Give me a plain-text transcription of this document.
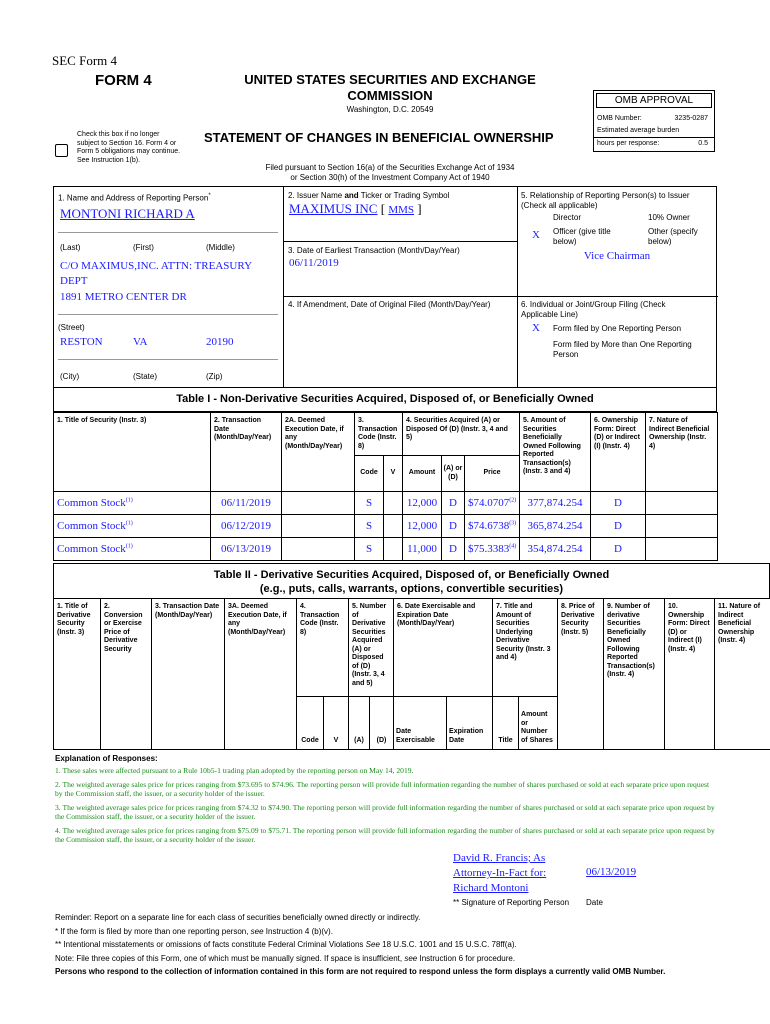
SEC Form 4
FORM 4	UNITED STATES SECURITIES AND EXCHANGE
COMMISSION
Washington, D.C. 20549
Check this box if no longer
subject to Section 16. Form 4 or
Form 5 obligations may continue.
See Instruction 1(b).
STATEMENT OF CHANGES IN BENEFICIAL OWNERSHIP
Filed pursuant to Section 16(a) of the Securities Exchange Act of 1934
or Section 30(h) of the Investment Company Act of 1940
OMB APPROVAL
OMB Number:	3235-0287
Estimated average burden
hours per response:	0.5
1. Name and Address of Reporting Person*
MONTONI RICHARD A
(Last)	(First)	(Middle)
C/O MAXIMUS,INC. ATTN: TREASURY
DEPT
1891 METRO CENTER DR
(Street)
RESTON	VA	20190
(City)	(State)	(Zip)
2. Issuer Name and Ticker or Trading Symbol
MAXIMUS INC [ MMS ]
3. Date of Earliest Transaction (Month/Day/Year)
06/11/2019
4. If Amendment, Date of Original Filed (Month/Day/Year)
5. Relationship of Reporting Person(s) to Issuer
(Check all applicable)
Director	10% Owner
X Officer (give title
below)
Other (specify
below)
Vice Chairman
6. Individual or Joint/Group Filing (Check
Applicable Line)
X Form filed by One Reporting Person
Form filed by More than One Reporting
Person
Table I - Non-Derivative Securities Acquired, Disposed of, or Beneficially Owned
1. Title of Security (Instr. 3)	2. Transaction Date (Month/Day/Year)	2A. Deemed Execution Date, if any (Month/Day/Year)	3. Transaction Code (Instr. 8)		4. Securities Acquired (A) or Disposed Of (D) (Instr. 3, 4 and 5)			5. Amount of Securities Beneficially Owned Following Reported Transaction(s) (Instr. 3 and 4)	6. Ownership Form: Direct (D) or Indirect (I) (Instr. 4)	7. Nature of Indirect Beneficial Ownership (Instr. 4)
			Code	V	Amount	(A) or (D)	Price			
Common Stock$^{(1)}$	06/11/2019		S		12,000	D	$74.0707$^{(2)}$	377,874.254	D	
Common Stock$^{(1)}$	06/12/2019		S		12,000	D	$74.6738$^{(3)}$	365,874.254	D	
Common Stock$^{(1)}$	06/13/2019		S		11,000	D	$75.3383$^{(4)}$	354,874.254	D	
Table II - Derivative Securities Acquired, Disposed of, or Beneficially Owned
(e.g., puts, calls, warrants, options, convertible securities)
1. Title of Derivative Security (Instr. 3)	2. Conversion or Exercise Price of Derivative Security	3. Transaction Date (Month/Day/Year)	3A. Deemed Execution Date, if any (Month/Day/Year)	4. Transaction Code (Instr. 8)		5. Number of Derivative Securities Acquired (A) or Disposed of (D) (Instr. 3, 4 and 5)		6. Date Exercisable and Expiration Date (Month/Day/Year)		7. Title and Amount of Securities Underlying Derivative Security (Instr. 3 and 4)		8. Price of Derivative Security (Instr. 5)	9. Number of derivative Securities Beneficially Owned Following Reported Transaction(s) (Instr. 4)	10. Ownership Form: Direct (D) or Indirect (I) (Instr. 4)	11. Nature of Indirect Beneficial Ownership (Instr. 4)
				Code	V	(A)	(D)	Date Exercisable	Expiration Date	Title	Amount or Number of Shares				
Explanation of Responses:
1. These sales were affected pursuant to a Rule 10b5-1 trading plan adopted by the reporting person on May 14, 2019.
2. The weighted average sales price for prices ranging from $73.695 to $74.96. The reporting person will provide full information regarding the number of shares purchased or sold at each separate price upon request by the Commission staff, the issuer, or a security holder of the issuer.
3. The weighted average sales price for prices ranging from $74.32 to $74.90. The reporting person will provide full information regarding the number of shares purchased or sold at each separate price upon request by the Commission staff, the issuer, or a security holder of the issuer.
4. The weighted average sales price for prices ranging from $75.09 to $75.71. The reporting person will provide full information regarding the number of shares purchased or sold at each separate price upon request by the Commission staff, the issuer, or a security holder of the issuer.
David R. Francis; As
Attorney-In-Fact for:
Richard Montoni
06/13/2019
** Signature of Reporting Person Date
Reminder: Report on a separate line for each class of securities beneficially owned directly or indirectly.
* If the form is filed by more than one reporting person, see Instruction 4 (b)(v).
** Intentional misstatements or omissions of facts constitute Federal Criminal Violations See 18 U.S.C. 1001 and 15 U.S.C. 78ff(a).
Note: File three copies of this Form, one of which must be manually signed. If space is insufficient, see Instruction 6 for procedure.
Persons who respond to the collection of information contained in this form are not required to respond unless the form displays a currently valid OMB Number.
